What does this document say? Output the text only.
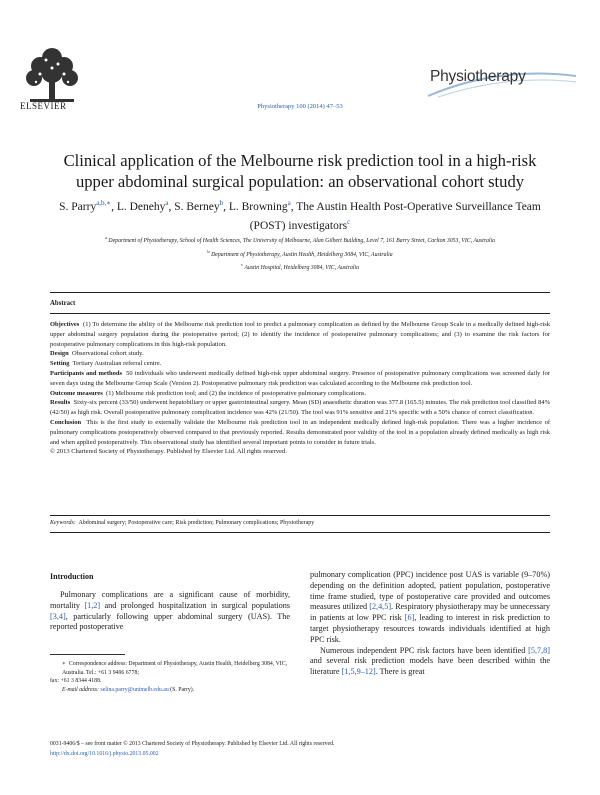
ELSEVIER	Physiotherapy 100 (2014) 47–53
Physiotherapy
Clinical application of the Melbourne risk prediction tool in a high-risk
upper abdominal surgical population: an observational cohort study
S. Parry$^{a,b,∗}$, L. Denehy$^a$, S. Berney$^b$, L. Browning$^a$, The Austin Health Post-Operative Surveillance Team (POST) investigators$^c$
$^a$ Department of Physiotherapy, School of Health Sciences, The University of Melbourne, Alan Gilbert Building, Level 7, 161 Barry Street, Carlton 3053, VIC, Australia
$^b$ Department of Physiotherapy, Austin Health, Heidelberg 3084, VIC, Australia
$^c$ Austin Hospital, Heidelberg 3084, VIC, Australia
Abstract

Objectives (1) To determine the ability of the Melbourne risk prediction tool to predict a pulmonary complication as defined by the Melbourne Group Scale in a medically defined high-risk upper abdominal surgery population during the postoperative period; (2) to identify the incidence of postoperative pulmonary complications; and (3) to examine the risk factors for postoperative pulmonary complications in this high-risk population.

Design Observational cohort study.

Setting Tertiary Australian referral centre.

Participants and methods 50 individuals who underwent medically defined high-risk upper abdominal surgery. Presence of postoperative pulmonary complications was screened daily for seven days using the Melbourne Group Scale (Version 2). Postoperative pulmonary risk prediction was calculated according to the Melbourne risk prediction tool.

Outcome measures (1) Melbourne risk prediction tool; and (2) the incidence of postoperative pulmonary complications.

Results Sixty-six percent (33/50) underwent hepatobiliary or upper gastrointestinal surgery. Mean (SD) anaesthetic duration was 377.8 (165.5) minutes. The risk prediction tool classified 84% (42/50) as high risk. Overall postoperative pulmonary complication incidence was 42% (21/50). The tool was 91% sensitive and 21% specific with a 50% chance of correct classification.

Conclusion This is the first study to externally validate the Melbourne risk prediction tool in an independent medically defined high-risk population. There was a higher incidence of pulmonary complications postoperatively observed compared to that previously reported. Results demonstrated poor validity of the tool in a population already defined medically as high risk and when applied postoperatively. This observational study has identified several important points to consider in future trials.

© 2013 Chartered Society of Physiotherapy. Published by Elsevier Ltd. All rights reserved.

Keywords: Abdominal surgery; Postoperative care; Risk prediction; Pulmonary complications; Physiotherapy
Introduction

Pulmonary complications are a significant cause of morbidity, mortality [1,2] and prolonged hospitalization in surgical populations [3,4], particularly following upper abdominal surgery (UAS). The reported postoperative

pulmonary complication (PPC) incidence post UAS is variable (9–70%) depending on the definition adopted, patient population, postoperative time frame studied, type of postoperative care provided and outcomes measures utilized [2,4,5]. Respiratory physiotherapy may be unnecessary in patients at low PPC risk [6], leading to interest in risk prediction to target physiotherapy resources towards individuals identified at high PPC risk.

Numerous independent PPC risk factors have been identified [5,7,8] and several risk prediction models have been described within the literature [1,5,9–12]. There is great

∗ Correspondence address: Department of Physiotherapy, Austin Health, Heidelberg 3084, VIC, Australia. Tel.: +61 3 9496 6778;
fax: +61 3 8344 4188.
E-mail address: selina.parry@unimelb.edu.au (S. Parry).
0031-9406/$ – see front matter © 2013 Chartered Society of Physiotherapy. Published by Elsevier Ltd. All rights reserved.
http://dx.doi.org/10.1016/j.physio.2013.05.002
